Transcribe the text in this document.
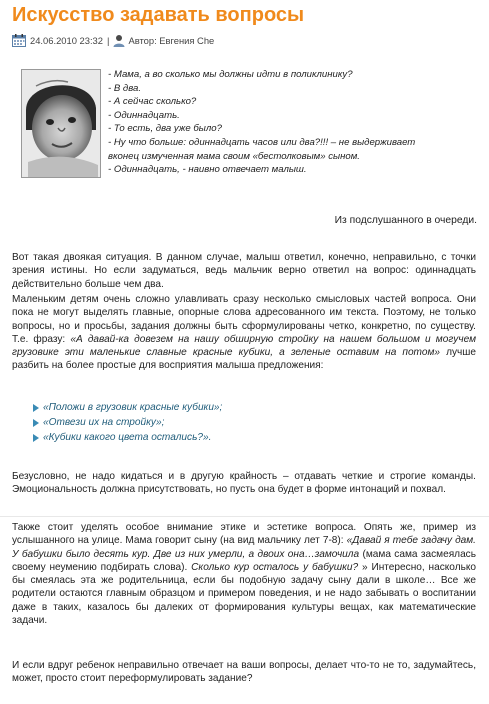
Искусство задавать вопросы
24.06.2010 23:32 | Автор: Евгения Che
- Мама, а во сколько мы должны идти в поликлинику?
- В два.
- А сейчас сколько?
- Одиннадцать.
- То есть, два уже было?
- Ну что больше: одиннадцать часов или два?!!! – не выдерживает
вконец измученная мама своим «бестолковым» сыном.
- Одиннадцать, - наивно отвечает малыш.
Из подслушанного в очереди.

Вот такая двоякая ситуация. В данном случае, малыш ответил, конечно, неправильно, с точки зрения истины. Но если задуматься, ведь мальчик верно ответил на вопрос: одиннадцать действительно больше чем два.

Маленьким детям очень сложно улавливать сразу несколько смысловых частей вопроса. Они пока не могут выделять главные, опорные слова адресованного им текста. Поэтому, не только вопросы, но и просьбы, задания должны быть сформулированы четко, конкретно, по существу. Т.е. фразу: «А давай-ка довезем на нашу обширную стройку на нашем большом и могучем грузовике эти маленькие славные красные кубики, а зеленые оставим на потом» лучше разбить на более простые для восприятия малыша предложения:

«Положи в грузовик красные кубики»;
«Отвези их на стройку»;
«Кубики какого цвета остались?».

Безусловно, не надо кидаться и в другую крайность – отдавать четкие и строгие команды. Эмоциональность должна присутствовать, но пусть она будет в форме интонаций и похвал.

Также стоит уделять особое внимание этике и эстетике вопроса. Опять же, пример из услышанного на улице. Мама говорит сыну (на вид мальчику лет 7-8): «Давай я тебе задачу дам. У бабушки было десять кур. Две из них умерли, а двоих она…замочила (мама сама засмеялась своему неумению подбирать слова). Сколько кур осталось у бабушки? » Интересно, насколько бы смеялась эта же родительница, если бы подобную задачу сыну дали в школе… Все же родители остаются главным образцом и примером поведения, и не надо забывать о воспитании даже в таких, казалось бы далеких от формирования культуры вещах, как математические задачи.

И если вдруг ребенок неправильно отвечает на ваши вопросы, делает что-то не то, задумайтесь, может, просто стоит переформулировать задание?
